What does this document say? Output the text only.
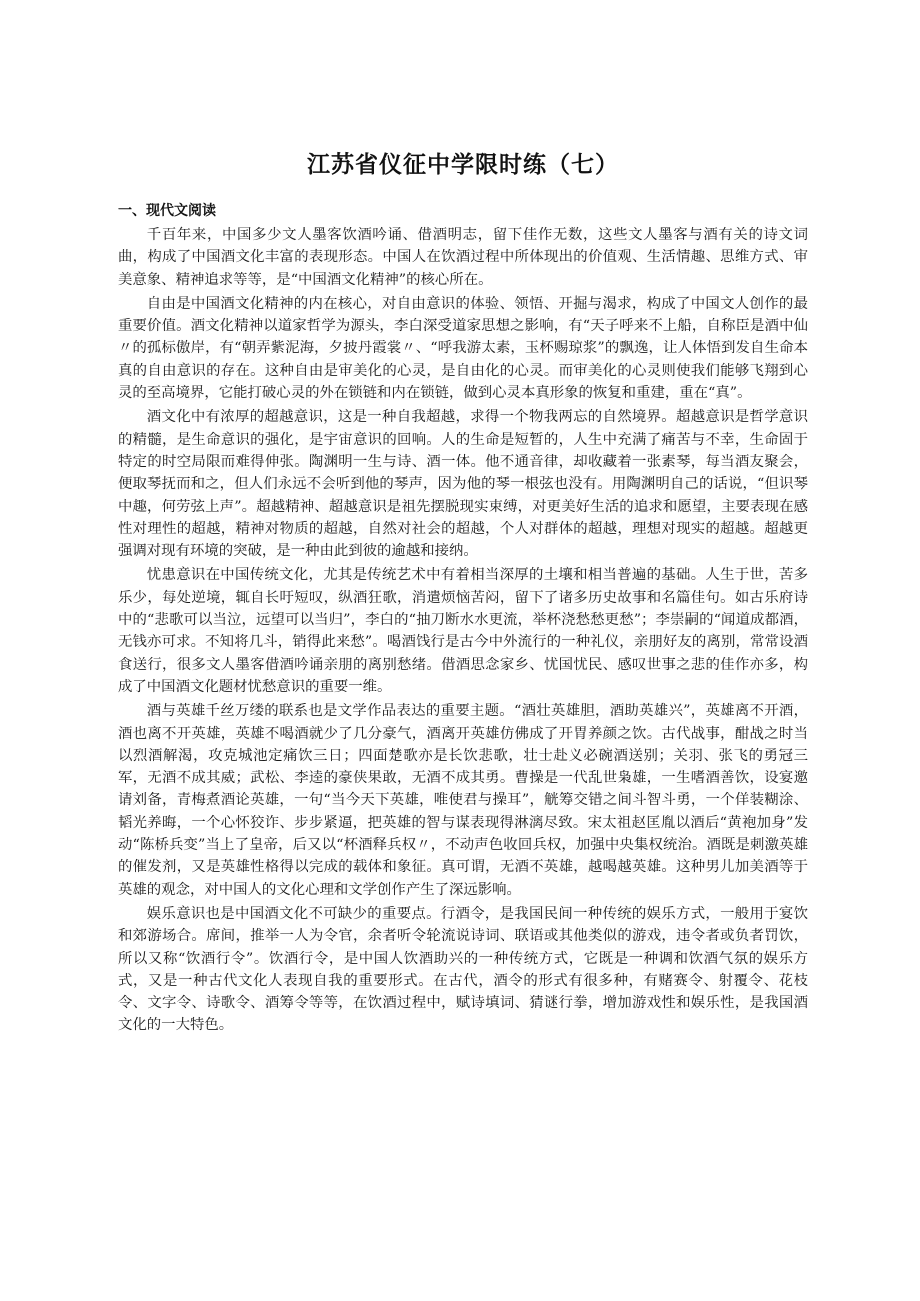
江苏省仪征中学限时练（七）
一、现代文阅读

千百年来，中国多少文人墨客饮酒吟诵、借酒明志，留下佳作无数，这些文人墨客与酒有关的诗文词曲，构成了中国酒文化丰富的表现形态。中国人在饮酒过程中所体现出的价值观、生活情趣、思维方式、审美意象、精神追求等等，是“中国酒文化精神”的核心所在。

自由是中国酒文化精神的内在核心，对自由意识的体验、领悟、开掘与渴求，构成了中国文人创作的最重要价值。酒文化精神以道家哲学为源头，李白深受道家思想之影响，有“天子呼来不上船，自称臣是酒中仙〃的孤标傲岸，有“朝弄紫泥海，夕披丹霞裳〃、“呼我游太素，玉杯赐琼浆”的飘逸，让人体悟到发自生命本真的自由意识的存在。这种自由是审美化的心灵，是自由化的心灵。而审美化的心灵则使我们能够飞翔到心灵的至高境界，它能打破心灵的外在锁链和内在锁链，做到心灵本真形象的恢复和重建，重在“真”。

酒文化中有浓厚的超越意识，这是一种自我超越，求得一个物我两忘的自然境界。超越意识是哲学意识的精髓，是生命意识的强化，是宇宙意识的回响。人的生命是短暂的，人生中充满了痛苦与不幸，生命固于特定的时空局限而难得伸张。陶渊明一生与诗、酒一体。他不通音律，却收藏着一张素琴，每当酒友聚会，便取琴抚而和之，但人们永远不会听到他的琴声，因为他的琴一根弦也没有。用陶渊明自己的话说，“但识琴中趣，何劳弦上声”。超越精神、超越意识是祖先摆脱现实束缚，对更美好生活的追求和愿望，主要表现在感性对理性的超越，精神对物质的超越，自然对社会的超越，个人对群体的超越，理想对现实的超越。超越更强调对现有环境的突破，是一种由此到彼的逾越和接纳。

忧患意识在中国传统文化，尤其是传统艺术中有着相当深厚的土壤和相当普遍的基础。人生于世，苦多乐少，每处逆境，辄自长吁短叹，纵酒狂歌，消遣烦恼苦闷，留下了诸多历史故事和名篇佳句。如古乐府诗中的“悲歌可以当泣，远望可以当归”，李白的“抽刀断水水更流，举杯浇愁愁更愁”；李崇嗣的“闻道成都酒，无钱亦可求。不知将几斗，销得此来愁”。喝酒饯行是古今中外流行的一种礼仪，亲朋好友的离别，常常设酒食送行，很多文人墨客借酒吟诵亲朋的离别愁绪。借酒思念家乡、忧国忧民、感叹世事之悲的佳作亦多，构成了中国酒文化题材忧愁意识的重要一维。

酒与英雄千丝万缕的联系也是文学作品表达的重要主题。“酒壮英雄胆，酒助英雄兴”，英雄离不开酒，酒也离不开英雄，英雄不喝酒就少了几分豪气，酒离开英雄仿佛成了开胃养颜之饮。古代战事，酣战之时当以烈酒解渴，攻克城池定痛饮三日；四面楚歌亦是长饮悲歌，壮士赴义必碗酒送别；关羽、张飞的勇冠三军，无酒不成其威；武松、李逵的豪侠果敢，无酒不成其勇。曹操是一代乱世枭雄，一生嗜酒善饮，设宴邀请刘备，青梅煮酒论英雄，一句“当今天下英雄，唯使君与操耳”，觥筹交错之间斗智斗勇，一个佯装糊涂、韬光养晦，一个心怀狡诈、步步紧逼，把英雄的智与谋表现得淋漓尽致。宋太祖赵匡胤以酒后“黄袍加身”发动“陈桥兵变”当上了皇帝，后又以“杯酒释兵权〃，不动声色收回兵权，加强中央集权统治。酒既是刺激英雄的催发剂，又是英雄性格得以完成的载体和象征。真可谓，无酒不英雄，越喝越英雄。这种男儿加美酒等于英雄的观念，对中国人的文化心理和文学创作产生了深远影响。

娱乐意识也是中国酒文化不可缺少的重要点。行酒令，是我国民间一种传统的娱乐方式，一般用于宴饮和郊游场合。席间，推举一人为令官，余者听令轮流说诗词、联语或其他类似的游戏，违令者或负者罚饮，所以又称“饮酒行令”。饮酒行令，是中国人饮酒助兴的一种传统方式，它既是一种调和饮酒气氛的娱乐方式，又是一种古代文化人表现自我的重要形式。在古代，酒令的形式有很多种，有赌赛令、射覆令、花枝令、文字令、诗歌令、酒筹令等等，在饮酒过程中，赋诗填词、猜谜行拳，增加游戏性和娱乐性，是我国酒文化的一大特色。
